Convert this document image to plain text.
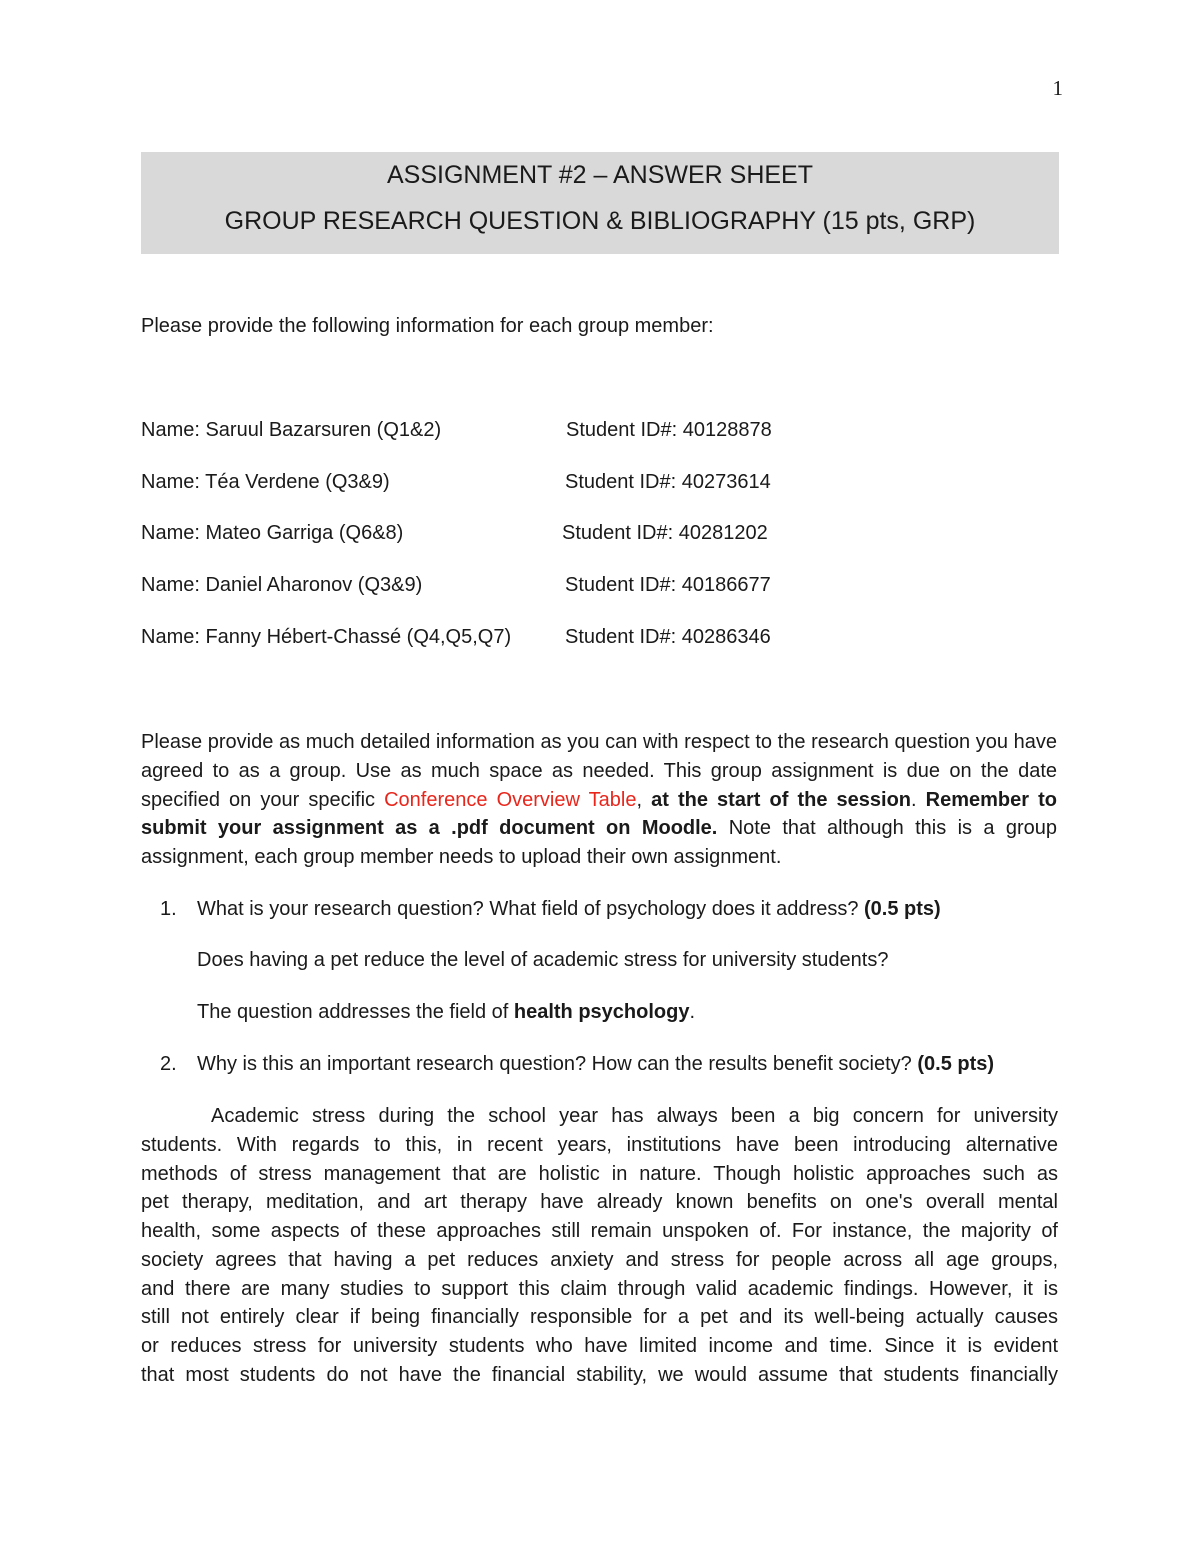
1
ASSIGNMENT #2 – ANSWER SHEET
GROUP RESEARCH QUESTION & BIBLIOGRAPHY (15 pts, GRP)
Please provide the following information for each group member:
Name: Saruul Bazarsuren (Q1&2)	Student ID#: 40128878
Name: Téa Verdene (Q3&9)	Student ID#: 40273614
Name: Mateo Garriga (Q6&8)	Student ID#: 40281202
Name: Daniel Aharonov (Q3&9)	Student ID#: 40186677
Name: Fanny Hébert-Chassé (Q4,Q5,Q7)	Student ID#: 40286346

Please provide as much detailed information as you can with respect to the research question you have agreed to as a group. Use as much space as needed. This group assignment is due on the date specified on your specific Conference Overview Table, at the start of the session. Remember to submit your assignment as a .pdf document on Moodle. Note that although this is a group assignment, each group member needs to upload their own assignment.

1. What is your research question? What field of psychology does it address? (0.5 pts)
Does having a pet reduce the level of academic stress for university students?
The question addresses the field of health psychology.
2. Why is this an important research question? How can the results benefit society? (0.5 pts)
Academic stress during the school year has always been a big concern for university
students. With regards to this, in recent years, institutions have been introducing alternative
methods of stress management that are holistic in nature. Though holistic approaches such as
pet therapy, meditation, and art therapy have already known benefits on one's overall mental
health, some aspects of these approaches still remain unspoken of. For instance, the majority of
society agrees that having a pet reduces anxiety and stress for people across all age groups,
and there are many studies to support this claim through valid academic findings. However, it is
still not entirely clear if being financially responsible for a pet and its well-being actually causes
or reduces stress for university students who have limited income and time. Since it is evident
that most students do not have the financial stability, we would assume that students financially
